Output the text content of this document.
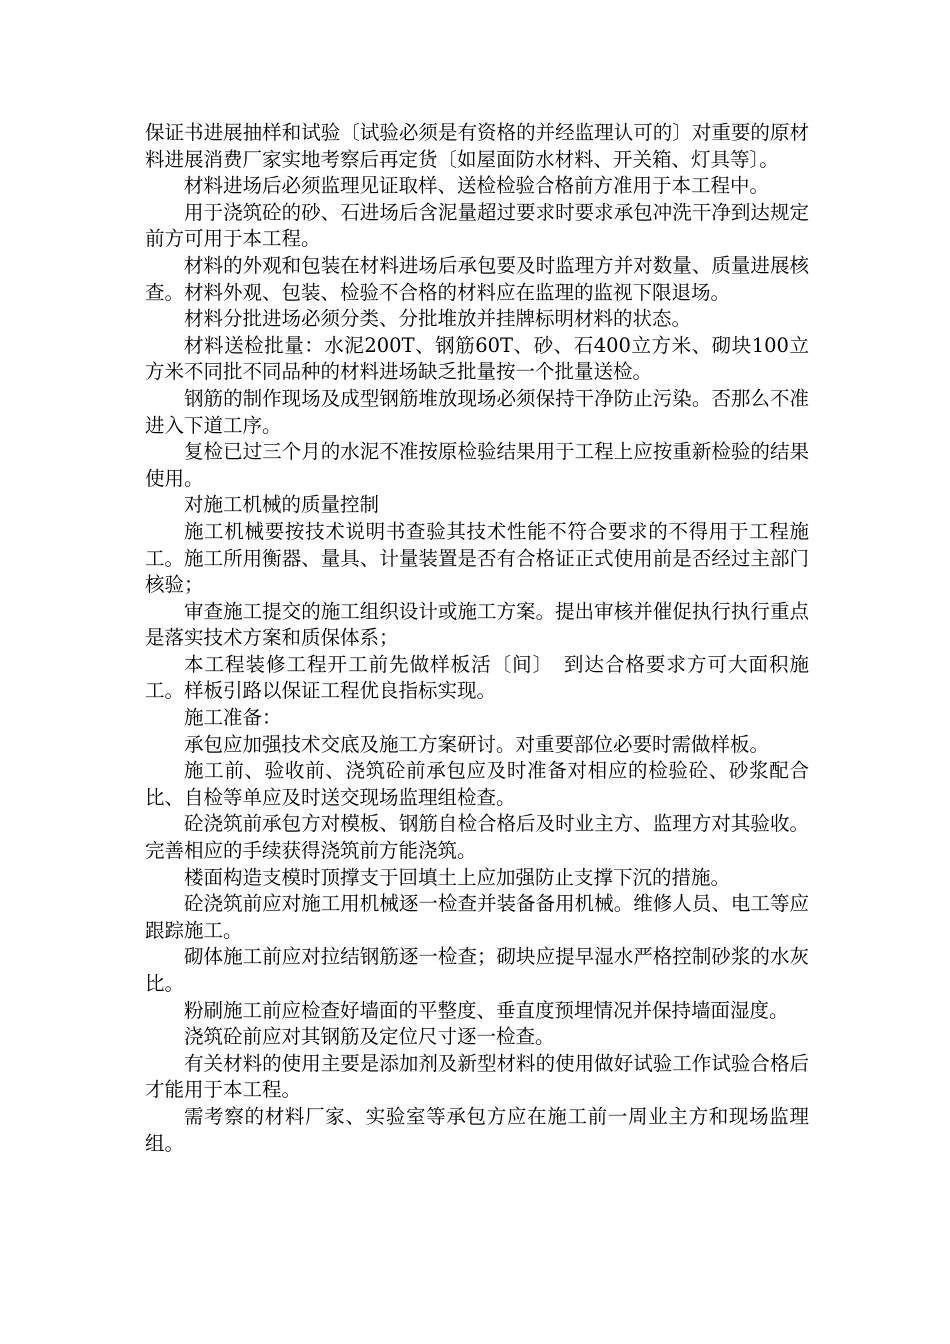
保证书进展抽样和试验〔试验必须是有资格的并经监理认可的〕对重要的原材料进展消费厂家实地考察后再定货〔如屋面防水材料、开关箱、灯具等〕。

材料进场后必须监理见证取样、送检检验合格前方准用于本工程中。

用于浇筑砼的砂、石进场后含泥量超过要求时要求承包冲洗干净到达规定前方可用于本工程。

材料的外观和包装在材料进场后承包要及时监理方并对数量、质量进展核查。材料外观、包装、检验不合格的材料应在监理的监视下限退场。

材料分批进场必须分类、分批堆放并挂牌标明材料的状态。

材料送检批量：水泥200T、钢筋60T、砂、石400立方米、砌块100立方米不同批不同品种的材料进场缺乏批量按一个批量送检。

钢筋的制作现场及成型钢筋堆放现场必须保持干净防止污染。否那么不准进入下道工序。

复检已过三个月的水泥不准按原检验结果用于工程上应按重新检验的结果使用。

对施工机械的质量控制

施工机械要按技术说明书查验其技术性能不符合要求的不得用于工程施工。施工所用衡器、量具、计量装置是否有合格证正式使用前是否经过主部门核验；

审查施工提交的施工组织设计或施工方案。提出审核并催促执行执行重点是落实技术方案和质保体系；

本工程装修工程开工前先做样板活〔间〕　到达合格要求方可大面积施工。样板引路以保证工程优良指标实现。

施工准备：

承包应加强技术交底及施工方案研讨。对重要部位必要时需做样板。

施工前、验收前、浇筑砼前承包应及时准备对相应的检验砼、砂浆配合比、自检等单应及时送交现场监理组检查。

砼浇筑前承包方对模板、钢筋自检合格后及时业主方、监理方对其验收。完善相应的手续获得浇筑前方能浇筑。

楼面构造支模时顶撑支于回填土上应加强防止支撑下沉的措施。

砼浇筑前应对施工用机械逐一检查并装备备用机械。维修人员、电工等应跟踪施工。

砌体施工前应对拉结钢筋逐一检查；砌块应提早湿水严格控制砂浆的水灰比。

粉刷施工前应检查好墙面的平整度、垂直度预埋情况并保持墙面湿度。

浇筑砼前应对其钢筋及定位尺寸逐一检查。

有关材料的使用主要是添加剂及新型材料的使用做好试验工作试验合格后才能用于本工程。

需考察的材料厂家、实验室等承包方应在施工前一周业主方和现场监理组。
